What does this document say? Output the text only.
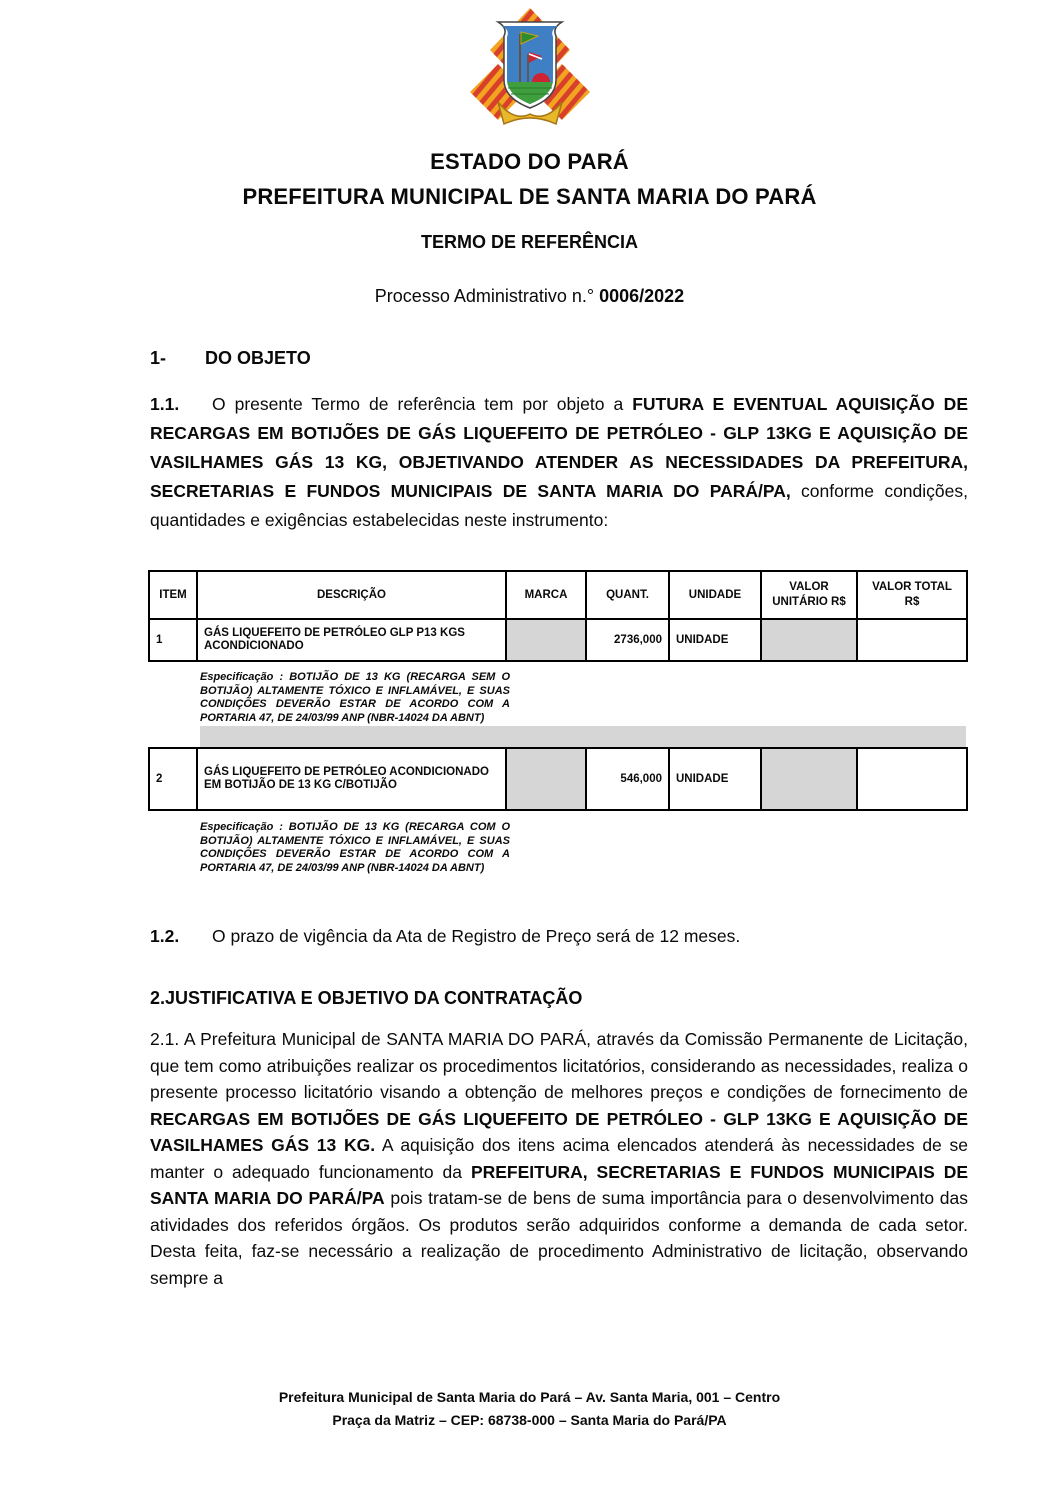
ESTADO DO PARÁ
PREFEITURA MUNICIPAL DE SANTA MARIA DO PARÁ
TERMO DE REFERÊNCIA
Processo Administrativo n.° 0006/2022
1- DO OBJETO
1.1. O presente Termo de referência tem por objeto a FUTURA E EVENTUAL AQUISIÇÃO DE RECARGAS EM BOTIJÕES DE GÁS LIQUEFEITO DE PETRÓLEO - GLP 13KG E AQUISIÇÃO DE VASILHAMES GÁS 13 KG, OBJETIVANDO ATENDER AS NECESSIDADES DA PREFEITURA, SECRETARIAS E FUNDOS MUNICIPAIS DE SANTA MARIA DO PARÁ/PA, conforme condições, quantidades e exigências estabelecidas neste instrumento:
ITEM	DESCRIÇÃO	MARCA	QUANT.	UNIDADE	VALOR UNITÁRIO R$	VALOR TOTAL R$
1	GÁS LIQUEFEITO DE PETRÓLEO GLP P13 KGS ACONDICIONADO		2736,000	UNIDADE		
Especificação : BOTIJÃO DE 13 KG (RECARGA SEM O BOTIJÃO) ALTAMENTE TÓXICO E INFLAMÁVEL, E SUAS CONDIÇÕES DEVERÃO ESTAR DE ACORDO COM A PORTARIA 47, DE 24/03/99 ANP (NBR-14024 DA ABNT)
2	GÁS LIQUEFEITO DE PETRÓLEO ACONDICIONADO EM BOTIJÃO DE 13 KG C/BOTIJÃO		546,000	UNIDADE		
Especificação : BOTIJÃO DE 13 KG (RECARGA COM O BOTIJÃO) ALTAMENTE TÓXICO E INFLAMÁVEL, E SUAS CONDIÇÕES DEVERÃO ESTAR DE ACORDO COM A PORTARIA 47, DE 24/03/99 ANP (NBR-14024 DA ABNT)
1.2. O prazo de vigência da Ata de Registro de Preço será de 12 meses.
2.JUSTIFICATIVA E OBJETIVO DA CONTRATAÇÃO
2.1. A Prefeitura Municipal de SANTA MARIA DO PARÁ, através da Comissão Permanente de Licitação, que tem como atribuições realizar os procedimentos licitatórios, considerando as necessidades, realiza o presente processo licitatório visando a obtenção de melhores preços e condições de fornecimento de RECARGAS EM BOTIJÕES DE GÁS LIQUEFEITO DE PETRÓLEO - GLP 13KG E AQUISIÇÃO DE VASILHAMES GÁS 13 KG. A aquisição dos itens acima elencados atenderá às necessidades de se manter o adequado funcionamento da PREFEITURA, SECRETARIAS E FUNDOS MUNICIPAIS DE SANTA MARIA DO PARÁ/PA pois tratam-se de bens de suma importância para o desenvolvimento das atividades dos referidos órgãos. Os produtos serão adquiridos conforme a demanda de cada setor. Desta feita, faz-se necessário a realização de procedimento Administrativo de licitação, observando sempre a
Prefeitura Municipal de Santa Maria do Pará – Av. Santa Maria, 001 – Centro
Praça da Matriz – CEP: 68738-000 – Santa Maria do Pará/PA
